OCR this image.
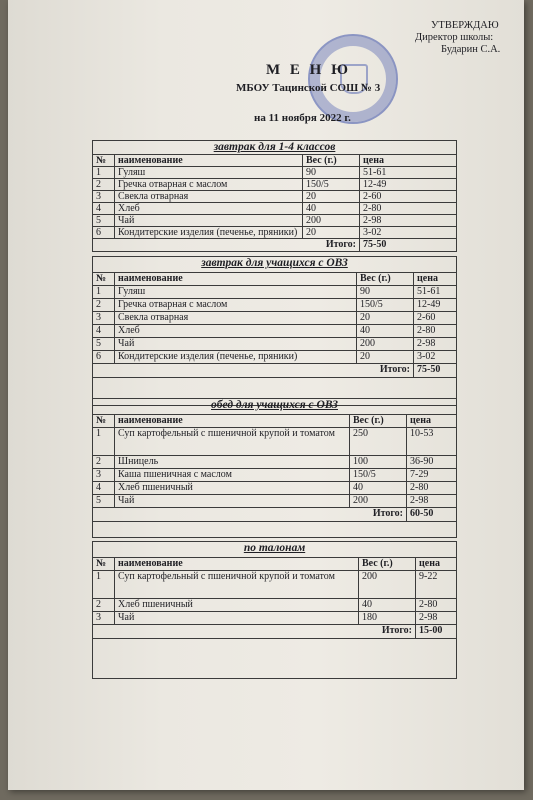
УТВЕРЖДАЮ
Директор школы:
Бударин С.А.
М Е Н Ю
МБОУ Тацинской СОШ № 3
на 11 ноября 2022 г.
завтрак для 1-4 классов			
№	наименование	Вес (г.)	цена
1	Гуляш	90	51-61
2	Гречка отварная с маслом	150/5	12-49
3	Свекла отварная	20	2-60
4	Хлеб	40	2-80
5	Чай	200	2-98
6	Кондитерские изделия (печенье, пряники)	20	3-02
Итого:			75-50
завтрак для учащихся с ОВЗ			
№	наименование	Вес (г.)	цена
1	Гуляш	90	51-61
2	Гречка отварная с маслом	150/5	12-49
3	Свекла отварная	20	2-60
4	Хлеб	40	2-80
5	Чай	200	2-98
6	Кондитерские изделия (печенье, пряники)	20	3-02
Итого:			75-50

обед для учащихся с ОВЗ			
№	наименование	Вес (г.)	цена
1	Суп картофельный с пшеничной крупой и томатом	250	10-53
2	Шницель	100	36-90
3	Каша пшеничная с маслом	150/5	7-29
4	Хлеб пшеничный	40	2-80
5	Чай	200	2-98
Итого:			60-50

по талонам			
№	наименование	Вес (г.)	цена
1	Суп картофельный с пшеничной крупой и томатом	200	9-22
2	Хлеб пшеничный	40	2-80
3	Чай	180	2-98
Итого:			15-00
